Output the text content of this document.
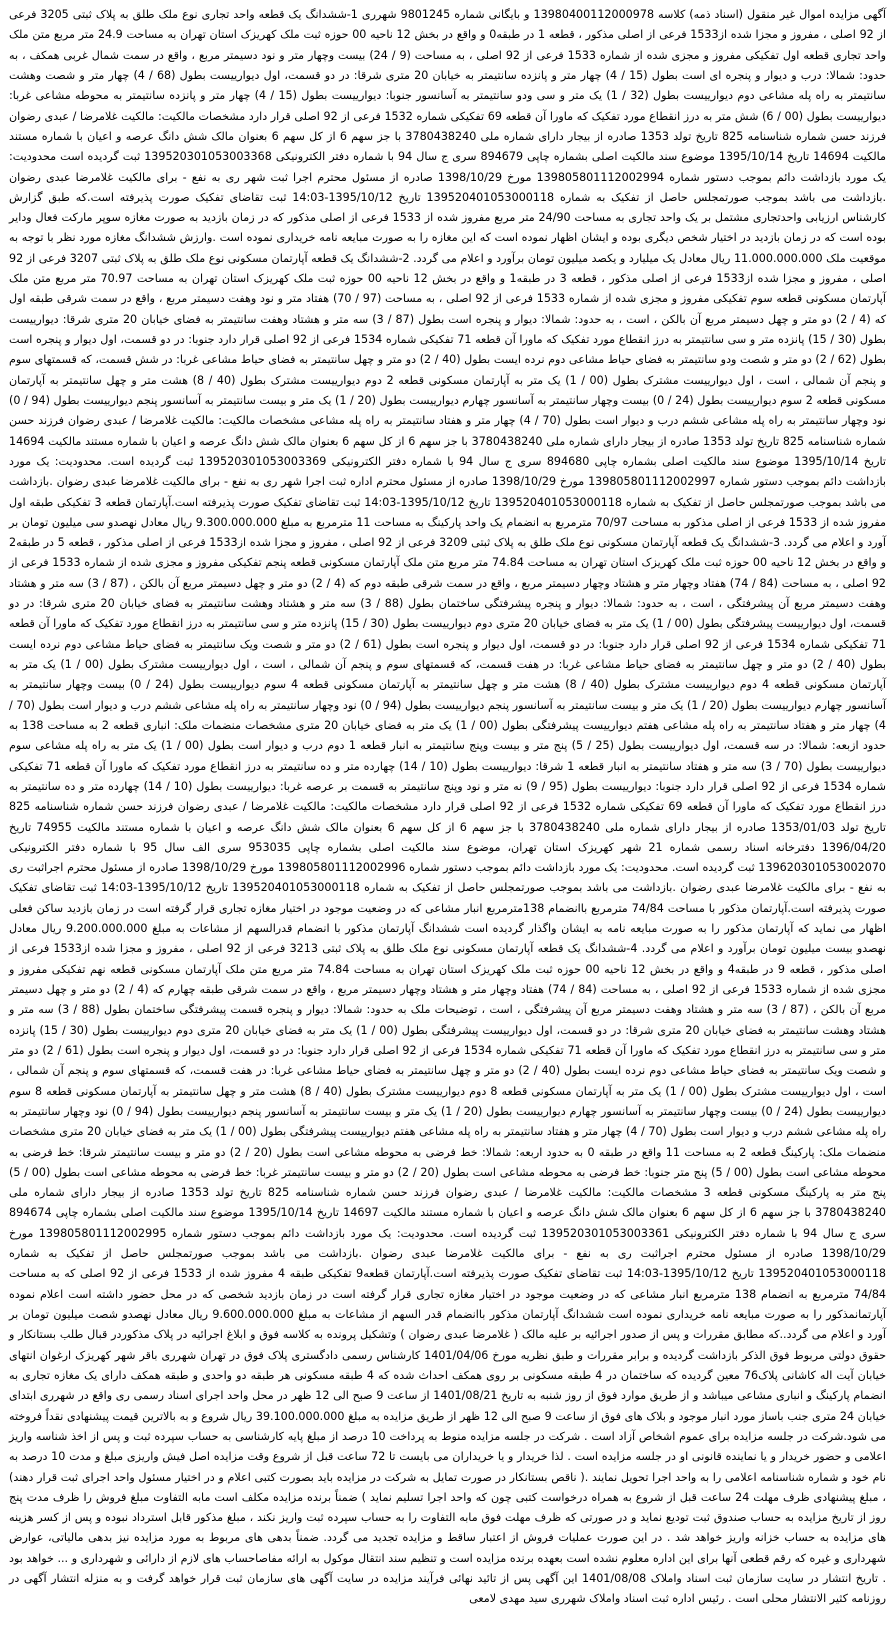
آگهی مزایده اموال غیر منقول (اسناد ذمه) کلاسه 13980400112000978 و بایگانی شماره 9801245 شهرری 1-ششدانگ یک قطعه واحد تجاری نوع ملک طلق به پلاک ثبتی 3205 فرعی از 92 اصلی ، مفروز و مجزا شده از1533 فرعی از اصلی مذکور ، قطعه 1 در طبقه0 و واقع در بخش 12 ناحیه 00 حوزه ثبت ملک کهریزک استان تهران به مساحت 24.9 متر مربع متن ملک واحد تجاری قطعه اول تفکیکی مفروز و مجزی شده از شماره 1533 فرعی از 92 اصلی ، به مساحت (9 / 24) بیست وچهار متر و نود دسیمتر مربع ، واقع در سمت شمال غربی همکف ، به حدود: شمالا: درب و دیوار و پنجره ای است بطول (15 / 4) چهار متر و پانزده سانتیمتر به خیابان 20 متری شرقا: در دو قسمت، اول دیوارییست بطول (68 / 4) چهار متر و شصت وهشت سانتیمتر به راه پله مشاعی دوم دیوارییست بطول (32 / 1) یک متر و سی ودو سانتیمتر به آسانسور جنوبا: دیوارییست بطول (15 / 4) چهار متر و پانزده سانتیمتر به محوطه مشاعی غربا: دیوارییست بطول (00 / 6) شش متر به درز انقطاع مورد تفکیک که ماورا آن قطعه 69 تفکیکی شماره 1532 فرعی از 92 اصلی قرار دارد مشخصات مالکیت: مالکیت غلامرضا / عبدی رضوان فرزند حسن شماره شناسنامه 825 تاریخ تولد 1353 صادره از بیجار دارای شماره ملی 3780438240 با جز سهم 6 از کل سهم 6 بعنوان مالک شش دانگ عرصه و اعیان با شماره مستند مالکیت 14694 تاریخ 1395/10/14 موضوع سند مالکیت اصلی بشماره چاپی 894679 سری ج سال 94 با شماره دفتر الکترونیکی 139520301053003368 ثبت گردیده است محدودیت: یک مورد بازداشت دائم بموجب دستور شماره 139805801112002994 مورخ 1398/10/29 صادره از مسئول محترم اجرا ثبت شهر ری به نفع - برای مالکیت غلامرضا عبدی رضوان .بازداشت می باشد بموجب صورتمجلس حاصل از تفکیک به شماره 139520401053000118 تاریخ 1395/10/12-14:03 ثبت تقاضای تفکیک صورت پذیرفته است.که طبق گزارش کارشناس ارزیابی واحدتجاری مشتمل بر یک واحد تجاری به مساحت 24/90 متر مربع مفروز شده از 1533 فرعی از اصلی مذکور که در زمان بازدید به صورت مغازه سوپر مارکت فعال ودایر بوده است که در زمان بازدید در اختیار شخص دیگری بوده و ایشان اظهار نموده است که این مغازه را به صورت مبایعه نامه خریداری نموده است .وارزش ششدانگ مغازه مورد نظر با توجه به موقعیت ملک 11.000.000.000 ریال معادل یک میلیارد و یکصد میلیون تومان برآورد و اعلام می گردد. 2-ششدانگ یک قطعه آپارتمان مسکونی نوع ملک طلق به پلاک ثبتی 3207 فرعی از 92 اصلی ، مفروز و مجزا شده از1533 فرعی از اصلی مذکور ، قطعه 3 در طبقه1 و واقع در بخش 12 ناحیه 00 حوزه ثبت ملک کهریزک استان تهران به مساحت 70.97 متر مربع متن ملک آپارتمان مسکونی قطعه سوم تفکیکی مفروز و مجزی شده از شماره 1533 فرعی از 92 اصلی ، به مساحت (97 / 70) هفتاد متر و نود وهفت دسیمتر مربع ، واقع در سمت شرقی طبقه اول که (4 / 2) دو متر و چهل دسیمتر مربع آن بالکن ، است ، به حدود: شمالا: دیوار و پنجره است بطول (87 / 3) سه متر و هشتاد وهفت سانتیمتر به فضای خیابان 20 متری شرقا: دیوارییست بطول (30 / 15) پانزده متر و سی سانتیمتر به درز انقطاع مورد تفکیک که ماورا آن قطعه 71 تفکیکی شماره 1534 فرعی از 92 اصلی قرار دارد جنوبا: در دو قسمت، اول دیوار و پنجره است بطول (62 / 2) دو متر و شصت ودو سانتیمتر به فضای حیاط مشاعی دوم نرده ایست بطول (40 / 2) دو متر و چهل سانتیمتر به فضای حیاط مشاعی غربا: در شش قسمت، که قسمتهای سوم و پنجم آن شمالی ، است ، اول دیوارییست مشترک بطول (00 / 1) یک متر به آپارتمان مسکونی قطعه 2 دوم دیوارییست مشترک بطول (40 / 8) هشت متر و چهل سانتیمتر به آپارتمان مسکونی قطعه 2 سوم دیوارییست بطول (24 / 0) بیست وچهار سانتیمتر به آسانسور چهارم دیوارییست بطول (20 / 1) یک متر و بیست سانتیمتر به آسانسور پنجم دیوارییست بطول (94 / 0) نود وچهار سانتیمتر به راه پله مشاعی ششم درب و دیوار است بطول (70 / 4) چهار متر و هفتاد سانتیمتر به راه پله مشاعی مشخصات مالکیت: مالکیت غلامرضا / عبدی رضوان فرزند حسن شماره شناسنامه 825 تاریخ تولد 1353 صادره از بیجار دارای شماره ملی 3780438240 با جز سهم 6 از کل سهم 6 بعنوان مالک شش دانگ عرصه و اعیان با شماره مستند مالکیت 14694 تاریخ 1395/10/14 موضوع سند مالکیت اصلی بشماره چاپی 894680 سری ج سال 94 با شماره دفتر الکترونیکی 139520301053003369 ثبت گردیده است. محدودیت: یک مورد بازداشت دائم بموجب دستور شماره 139805801112002997 مورخ 1398/10/29 صادره از مسئول محترم اداره ثبت اجرا شهر ری به نفع - برای مالکیت غلامرضا عبدی رضوان .بازداشت می باشد بموجب صورتمجلس حاصل از تفکیک به شماره 139520401053000118 تاریخ 1395/10/12-14:03 ثبت تقاضای تفکیک صورت پذیرفته است.آپارتمان قطعه 3 تفکیکی طبقه اول مفروز شده از 1533 فرعی از اصلی مذکور به مساحت 70/97 مترمربع به انضمام یک واحد پارکینگ به مساحت 11 مترمربع به مبلغ 9.300.000.000 ریال معادل نهصدو سی میلیون تومان بر آورد و اعلام می گردد. 3-ششدانگ یک قطعه آپارتمان مسکونی نوع ملک طلق به پلاک ثبتی 3209 فرعی از 92 اصلی ، مفروز و مجزا شده از1533 فرعی از اصلی مذکور ، قطعه 5 در طبقه2 و واقع در بخش 12 ناحیه 00 حوزه ثبت ملک کهریزک استان تهران به مساحت 74.84 متر مربع متن ملک آپارتمان مسکونی قطعه پنجم تفکیکی مفروز و مجزی شده از شماره 1533 فرعی از 92 اصلی ، به مساحت (84 / 74) هفتاد وچهار متر و هشتاد وچهار دسیمتر مربع ، واقع در سمت شرقی طبقه دوم که (4 / 2) دو متر و چهل دسیمتر مربع آن بالکن ، (87 / 3) سه متر و هشتاد وهفت دسیمتر مربع آن پیشرفتگی ، است ، به حدود: شمالا: دیوار و پنجره پیشرفتگی ساختمان بطول (88 / 3) سه متر و هشتاد وهشت سانتیمتر به فضای خیابان 20 متری شرقا: در دو قسمت، اول دیوارییست پیشرفتگی بطول (00 / 1) یک متر به فضای خیابان 20 متری دوم دیوارییست بطول (30 / 15) پانزده متر و سی سانتیمتر به درز انقطاع مورد تفکیک که ماورا آن قطعه 71 تفکیکی شماره 1534 فرعی از 92 اصلی قرار دارد جنوبا: در دو قسمت، اول دیوار و پنجره است بطول (61 / 2) دو متر و شصت ویک سانتیمتر به فضای حیاط مشاعی دوم نرده ایست بطول (40 / 2) دو متر و چهل سانتیمتر به فضای حیاط مشاعی غربا: در هفت قسمت، که قسمتهای سوم و پنجم آن شمالی ، است ، اول دیوارییست مشترک بطول (00 / 1) یک متر به آپارتمان مسکونی قطعه 4 دوم دیوارییست مشترک بطول (40 / 8) هشت متر و چهل سانتیمتر به آپارتمان مسکونی قطعه 4 سوم دیوارییست بطول (24 / 0) بیست وچهار سانتیمتر به آسانسور چهارم دیوارییست بطول (20 / 1) یک متر و بیست سانتیمتر به آسانسور پنجم دیوارییست بطول (94 / 0) نود وچهار سانتیمتر به راه پله مشاعی ششم درب و دیوار است بطول (70 / 4) چهار متر و هفتاد سانتیمتر به راه پله مشاعی هفتم دیوارییست پیشرفتگی بطول (00 / 1) یک متر به فضای خیابان 20 متری مشخصات منضمات ملک: انباری قطعه 2 به مساحت 138 به حدود ازبعه: شمالا: در سه قسمت، اول دیوارییست بطول (25 / 5) پنج متر و بیست وپنج سانتیمتر به انبار قطعه 1 دوم درب و دیوار است بطول (00 / 1) یک متر به راه پله مشاعی سوم دیوارییست بطول (70 / 3) سه متر و هفتاد سانتیمتر به انبار قطعه 1 شرقا: دیوارییست بطول (10 / 14) چهارده متر و ده سانتیمتر به درز انقطاع مورد تفکیک که ماورا آن قطعه 71 تفکیکی شماره 1534 فرعی از 92 اصلی قرار دارد جنوبا: دیوارییست بطول (95 / 9) نه متر و نود وپنج سانتیمتر به قسمت بر عرصه غربا: دیوارییست بطول (10 / 14) چهارده متر و ده سانتیمتر به درز انقطاع مورد تفکیک که ماورا آن قطعه 69 تفکیکی شماره 1532 فرعی از 92 اصلی قرار دارد مشخصات مالکیت: مالکیت غلامرضا / عبدی رضوان فرزند حسن شماره شناسنامه 825 تاریخ تولد 1353/01/03 صادره از بیجار دارای شماره ملی 3780438240 با جز سهم 6 از کل سهم 6 بعنوان مالک شش دانگ عرصه و اعیان با شماره مستند مالکیت 74955 تاریخ 1396/04/20 دفترخانه اسناد رسمی شماره 21 شهر کهریزک استان تهران، موضوع سند مالکیت اصلی بشماره چاپی 953035 سری الف سال 95 با شماره دفتر الکترونیکی 139620301053002070 ثبت گردیده است. محدودیت: یک مورد بازداشت دائم بموجب دستور شماره 139805801112002996 مورخ 1398/10/29 صادره از مسئول محترم اجراثبت ری به نفع - برای مالکیت غلامرضا عبدی رضوان .بازداشت می باشد بموجب صورتمجلس حاصل از تفکیک به شماره 139520401053000118 تاریخ 1395/10/12-14:03 ثبت تقاضای تفکیک صورت پذیرفته است.آپارتمان مذکور با مساحت 74/84 مترمربع باانضمام 138مترمربع انبار مشاعی که در وضعیت موجود در اختیار مغازه تجاری قرار گرفته است در زمان بازدید ساکن فعلی اظهار می نماید که آپارتمان مذکور را به صورت مبایعه نامه به ایشان واگذار گردیده است ششدانگ آپارتمان مذکور با انضمام قدرالسهم از مشاعات به مبلغ 9.200.000.000 ریال معادل نهصدو بیست میلیون تومان برآورد و اعلام می گردد. 4-ششدانگ یک قطعه آپارتمان مسکونی نوع ملک طلق به پلاک ثبتی 3213 فرعی از 92 اصلی ، مفروز و مجزا شده از1533 فرعی از اصلی مذکور ، قطعه 9 در طبقه4 و واقع در بخش 12 ناحیه 00 حوزه ثبت ملک کهریزک استان تهران به مساحت 74.84 متر مربع متن ملک آپارتمان مسکونی قطعه نهم تفکیکی مفروز و مجزی شده از شماره 1533 فرعی از 92 اصلی ، به مساحت (84 / 74) هفتاد وچهار متر و هشتاد وچهار دسیمتر مربع ، واقع در سمت شرقی طبقه چهارم که (4 / 2) دو متر و چهل دسیمتر مربع آن بالکن ، (87 / 3) سه متر و هشتاد وهفت دسیمتر مربع آن پیشرفتگی ، است ، توضیحات ملک به حدود: شمالا: دیوار و پنجره قسمت پیشرفتگی ساختمان بطول (88 / 3) سه متر و هشتاد وهشت سانتیمتر به فضای خیابان 20 متری شرقا: در دو قسمت، اول دیوارییست پیشرفتگی بطول (00 / 1) یک متر به فضای خیابان 20 متری دوم دیوارییست بطول (30 / 15) پانزده متر و سی سانتیمتر به درز انقطاع مورد تفکیک که ماورا آن قطعه 71 تفکیکی شماره 1534 فرعی از 92 اصلی قرار دارد جنوبا: در دو قسمت، اول دیوار و پنجره است بطول (61 / 2) دو متر و شصت ویک سانتیمتر به فضای حیاط مشاعی دوم نرده ایست بطول (40 / 2) دو متر و چهل سانتیمتر به فضای حیاط مشاعی غربا: در هفت قسمت، که قسمتهای سوم و پنجم آن شمالی ، است ، اول دیوارییست مشترک بطول (00 / 1) یک متر به آپارتمان مسکونی قطعه 8 دوم دیوارییست مشترک بطول (40 / 8) هشت متر و چهل سانتیمتر به آپارتمان مسکونی قطعه 8 سوم دیوارییست بطول (24 / 0) بیست وچهار سانتیمتر به آسانسور چهارم دیوارییست بطول (20 / 1) یک متر و بیست سانتیمتر به آسانسور پنجم دیوارییست بطول (94 / 0) نود وچهار سانتیمتر به راه پله مشاعی ششم درب و دیوار است بطول (70 / 4) چهار متر و هفتاد سانتیمتر به راه پله مشاعی هفتم دیوارییست پیشرفتگی بطول (00 / 1) یک متر به فضای خیابان 20 متری مشخصات منضمات ملک: پارکینگ قطعه 2 به مساحت 11 واقع در طبقه 0 به حدود اربعه: شمالا: خط فرضی به محوطه مشاعی است بطول (20 / 2) دو متر و بیست سانتیمتر شرقا: خط فرضی به محوطه مشاعی است بطول (00 / 5) پنج متر جنوبا: خط فرضی به محوطه مشاعی است بطول (20 / 2) دو متر و بیست سانتیمتر غربا: خط فرضی به محوطه مشاعی است بطول (00 / 5) پنج متر به پارکینگ مسکونی قطعه 3 مشخصات مالکیت: مالکیت غلامرضا / عبدی رضوان فرزند حسن شماره شناسنامه 825 تاریخ تولد 1353 صادره از بیجار دارای شماره ملی 3780438240 با جز سهم 6 از کل سهم 6 بعنوان مالک شش دانگ عرصه و اعیان با شماره مستند مالکیت 14697 تاریخ 1395/10/14 موضوع سند مالکیت اصلی بشماره چاپی 894674 سری ج سال 94 با شماره دفتر الکترونیکی 139520301053003361 ثبت گردیده است. محدودیت: یک مورد بازداشت دائم بموجب دستور شماره 139805801112002995 مورخ 1398/10/29 صادره از مسئول محترم اجراثبت ری به نفع - برای مالکیت غلامرضا عبدی رضوان .بازداشت می باشد بموجب صورتمجلس حاصل از تفکیک به شماره 139520401053000118 تاریخ 1395/10/12-14:03 ثبت تقاضای تفکیک صورت پذیرفته است.آپارتمان قطعه9 تفکیکی طبقه 4 مفروز شده از 1533 فرعی از 92 اصلی که به مساحت 74/84 مترمربع به انضمام 138 مترمربع انبار مشاعی که در وضعیت موجود در اختیار مغازه تجاری قرار گرفته است در زمان بازدید شخصی که در محل حضور داشته است اعلام نموده آپارتمانمذکور را به صورت مبایعه نامه خریداری نموده است ششدانگ آپارتمان مذکور باانضمام قدر السهم از مشاعات به مبلغ 9.600.000.000 ریال معادل نهصدو شصت میلیون تومان بر آورد و اعلام می گردد..که مطابق مقررات و پس از صدور اجرائیه بر علیه مالک ( غلامرضا عبدی رضوان ) وتشکیل پرونده به کلاسه فوق و ابلاغ اجرائیه در پلاک مذکوردر قبال طلب بستانکار و حقوق دولتی مربوط فوق الذکر بازداشت گردیده و برابر مقررات و طبق نظریه مورخ 1401/04/06 کارشناس رسمی دادگستری پلاک فوق در تهران شهرری باقر شهر کهریزک ارغوان انتهای خیابان آیت اله کاشانی پلاک76 معین گردیده که ساختمان در 4 طبقه مسکونی بر روی همکف احداث شده که 4 طبقه مسکونی هر طبقه دو واحدی و طبقه همکف دارای یک مغازه تجاری به انضمام پارکینگ و انباری مشاعی میباشد و از طریق موارد فوق از روز شنبه به تاریخ 1401/08/21 از ساعت 9 صبح الی 12 ظهر در محل واحد اجرای اسناد رسمی ری واقع در شهرری ابتدای خیابان 24 متری جنب باساز مورد انبار موجود و بلاک های فوق از ساعت 9 صبح الی 12 ظهر از طریق مزایده به مبلغ 39.100.000.000 ریال شروع و به بالاترین قیمت پیشنهادی نقداً فروخته می شود.شرکت در جلسه مزایده برای عموم اشخاص آزاد است . شرکت در جلسه مزایده منوط به پرداخت 10 درصد از مبلغ پایه کارشناسی به حساب سپرده ثبت و پس از اخذ شناسه واریز اعلامی و حضور خریدار و یا نماینده قانونی او در جلسه مزایده است . لذا خریدار و یا خریداران می بایست تا 72 ساعت قبل از شروع وقت مزایده اصل فیش واریزی مبلغ و مدت 10 درصد به نام خود و شماره شناسنامه اعلامی را به واحد اجرا تحویل نمایند .( ناقص بستانکار در صورت تمایل به شرکت در مزایده باید بصورت کتبی اعلام و در اختیار مسئول واحد اجرای ثبت قرار دهند) ، مبلغ پیشنهادی ظرف مهلت 24 ساعت قبل از شروع به همراه درخواست کتبی چون که واحد اجرا تسلیم نماید ) ضمناً برنده مزایده مکلف است مابه التفاوت مبلغ فروش را ظرف مدت پنج روز از تاریخ مزایده به حساب صندوق ثبت تودیع نماید و در صورتی که ظرف مهلت فوق مابه التفاوت را به حساب سپرده ثبت واریز نکند ، مبلغ مذکور قابل استرداد نبوده و پس از کسر هزینه های مزایده به حساب خزانه واریز خواهد شد . در این صورت عملیات فروش از اعتبار ساقط و مزایده تجدید می گردد. ضمناً بدهی های مربوط به مورد مزایده نیز بدهی مالیاتی، عوارض شهرداری و غیره که رقم قطعی آنها برای این اداره معلوم نشده است بعهده برنده مزایده است و تنظیم سند انتقال موکول به ارائه مفاصاحساب های لازم از دارائی و شهرداری و ... خواهد بود . تاریخ انتشار در سایت سازمان ثبت اسناد واملاک 1401/08/08 این آگهی پس از تائید نهائی فرآیند مزایده در سایت آگهی های سازمان ثبت قرار خواهد گرفت و به منزله انتشار آگهی در روزنامه کثیر الانتشار محلی است . رئیس اداره ثبت اسناد واملاک شهرری سید مهدی لامعی
